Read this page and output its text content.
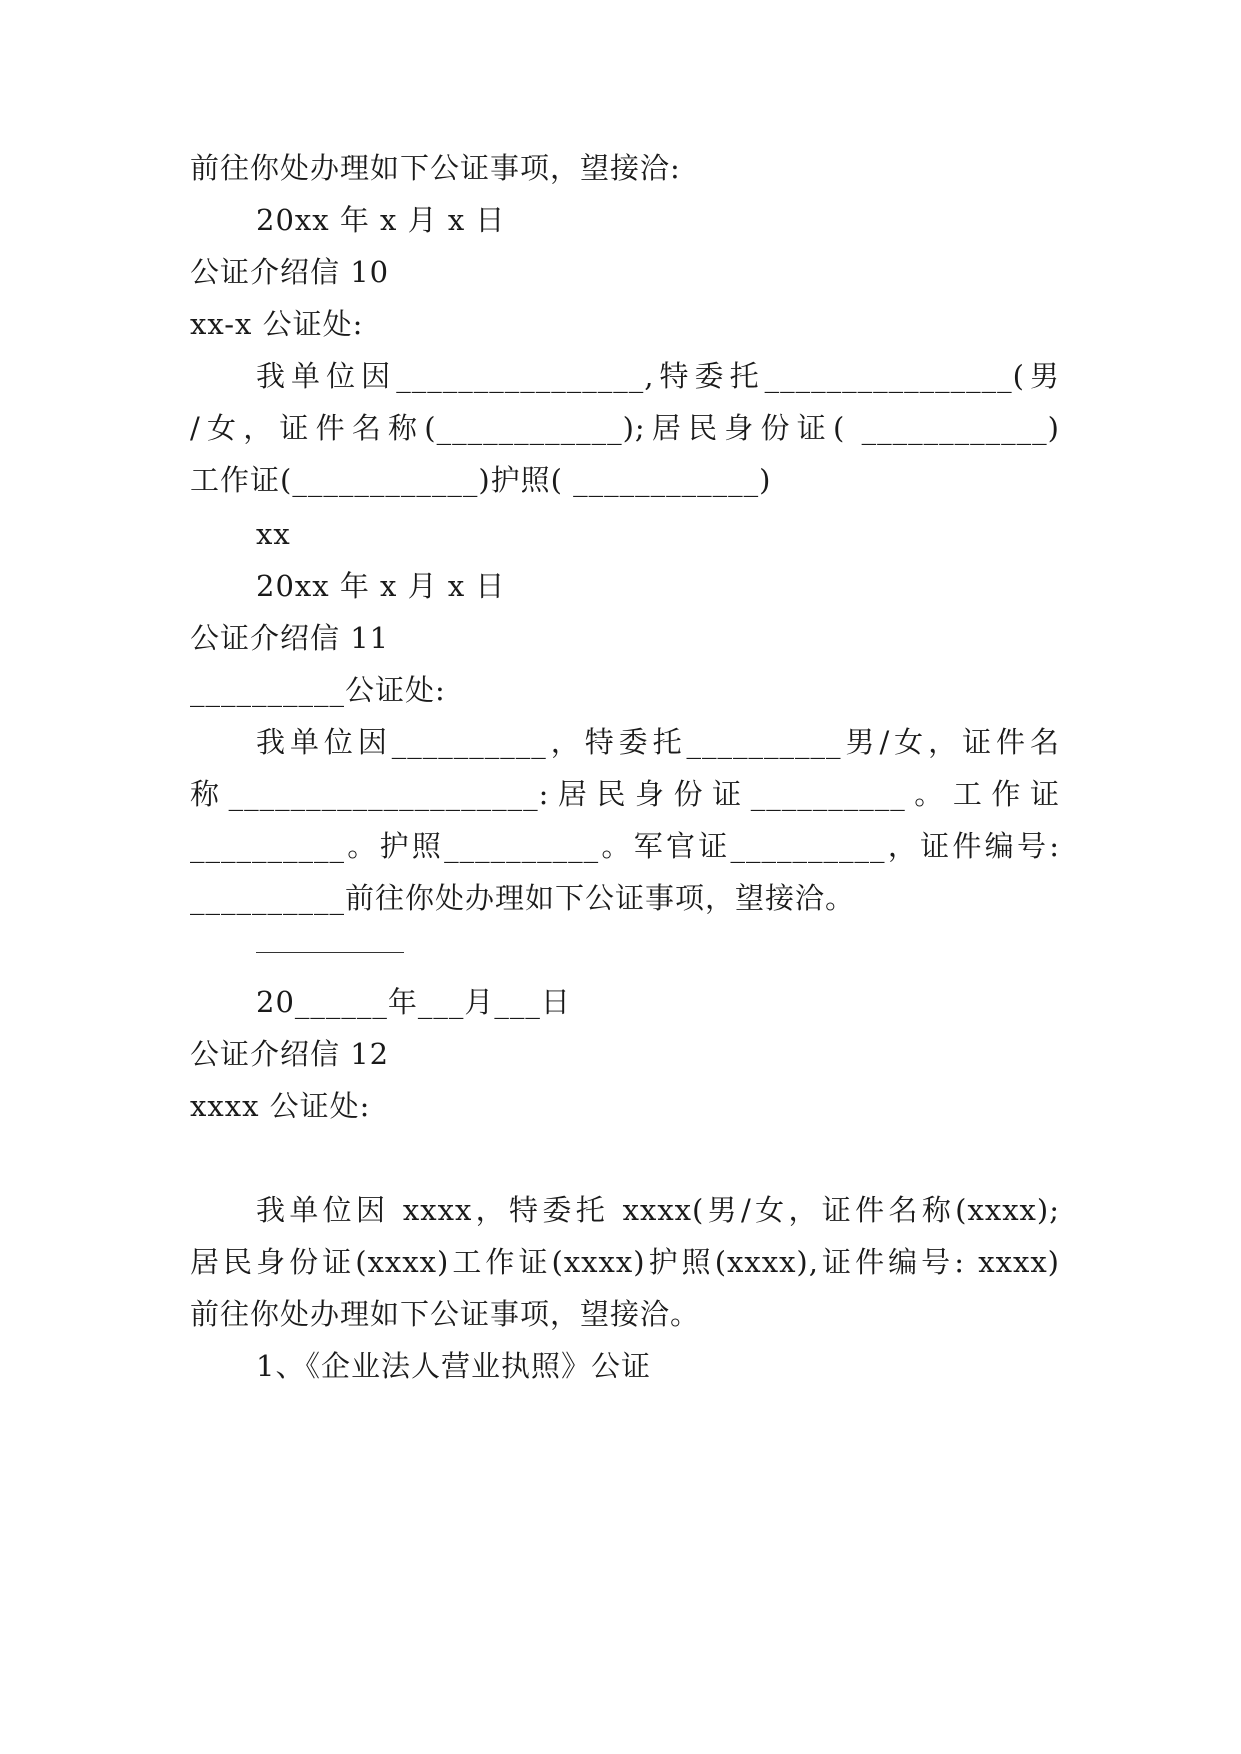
前往你处办理如下公证事项，望接洽:
20xx 年 x 月 x 日
公证介绍信 10
xx-x 公证处:
我单位因________________,特委托________________(男
/女，证件名称(____________);居民身份证( ____________)
工作证(____________)护照( ____________)
xx
20xx 年 x 月 x 日
公证介绍信 11
__________公证处:
我单位因__________，特委托__________男/女，证件名
称____________________:居民身份证__________。工作证
__________。护照__________。军官证__________，证件编号:
__________前往你处办理如下公证事项，望接洽。
20______年___月___日
公证介绍信 12
xxxx 公证处:
我单位因 xxxx，特委托 xxxx(男/女，证件名称(xxxx);
居民身份证(xxxx)工作证(xxxx)护照(xxxx),证件编号: xxxx)
前往你处办理如下公证事项，望接洽。
1、《企业法人营业执照》公证
